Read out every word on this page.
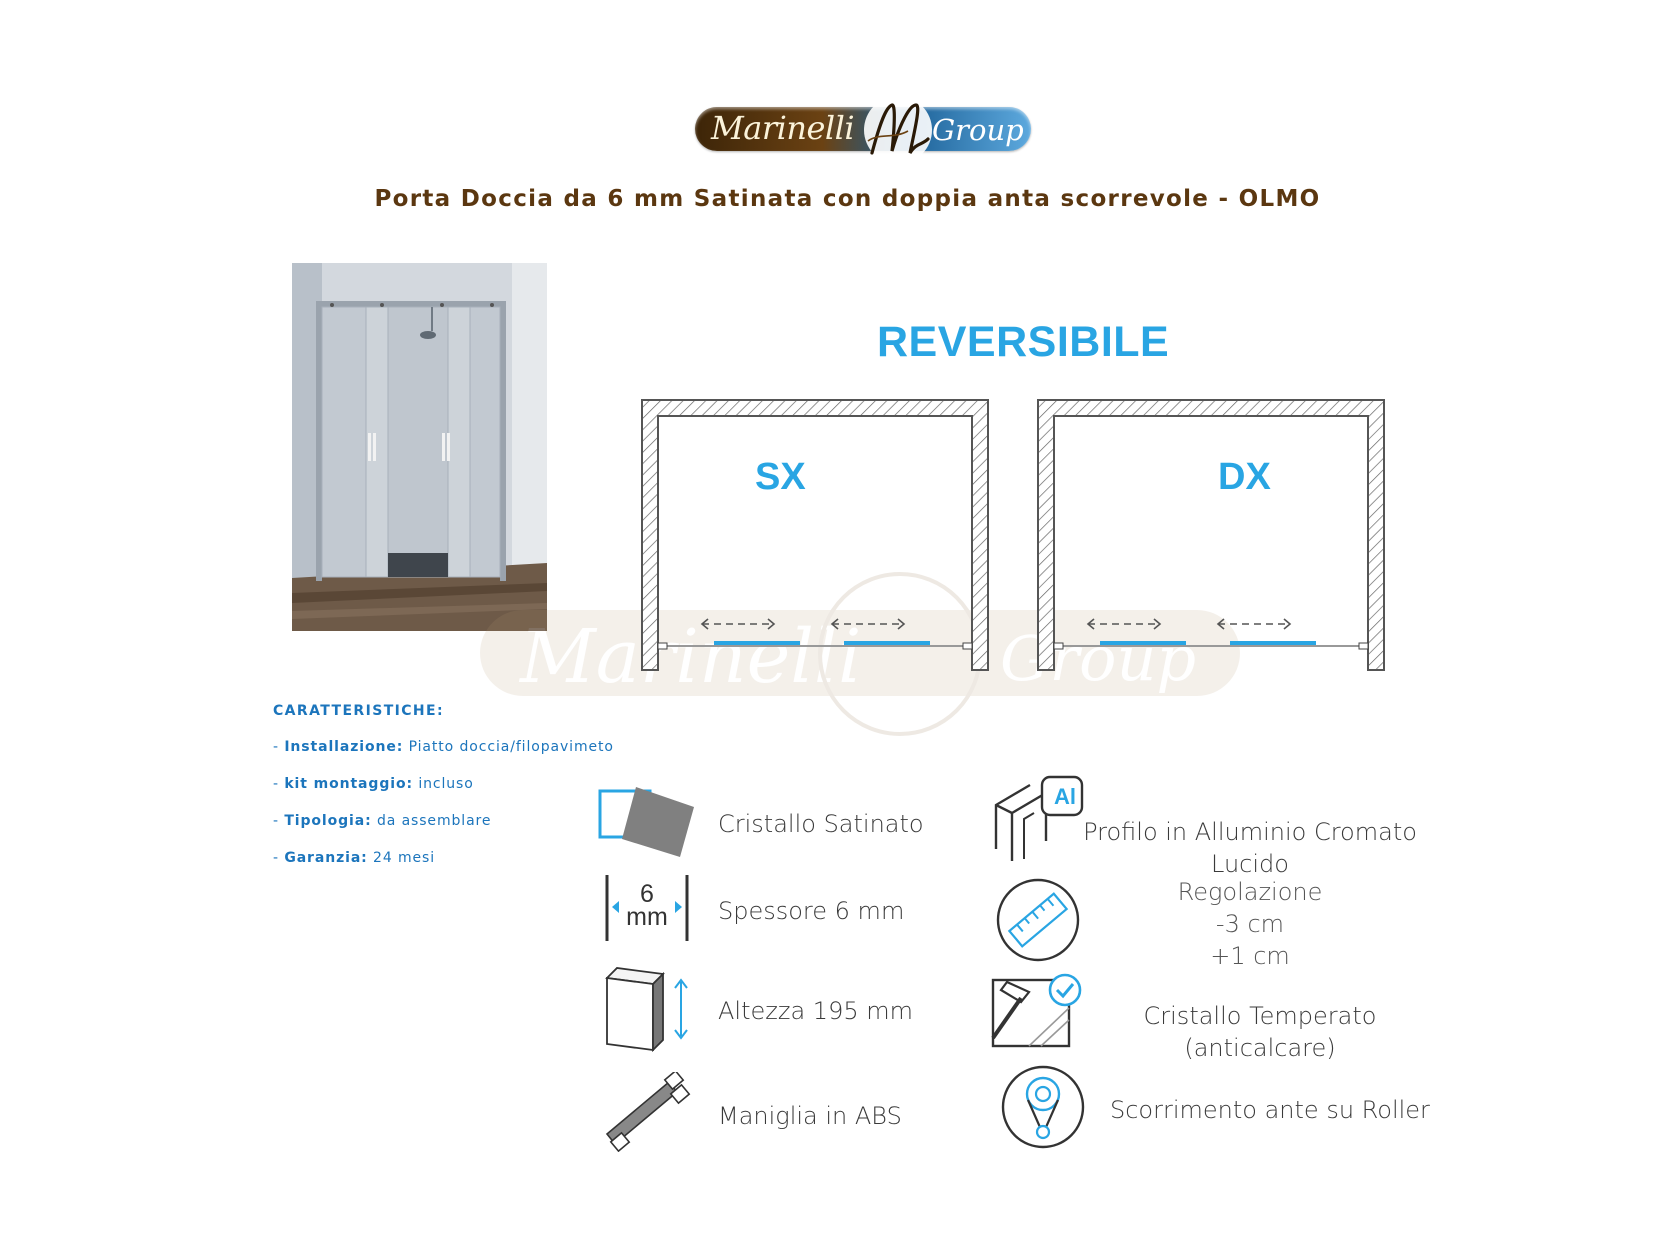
Marinelli	Group
Porta Doccia da 6 mm Satinata con doppia anta scorrevole - OLMO
Marinelli Group
REVERSIBILE
SX	DX
CARATTERISTICHE:
- Installazione: Piatto doccia/filopavimeto
- kit montaggio: incluso
- Tipologia: da assemblare
- Garanzia: 24 mesi
Cristallo Satinato
6
mm Spessore 6 mm
Altezza 195 mm
Maniglia in ABS
Al
Profilo in Alluminio Cromato
Lucido
Regolazione
-3 cm
+1 cm
Cristallo Temperato
(anticalcare)
Scorrimento ante su Roller
